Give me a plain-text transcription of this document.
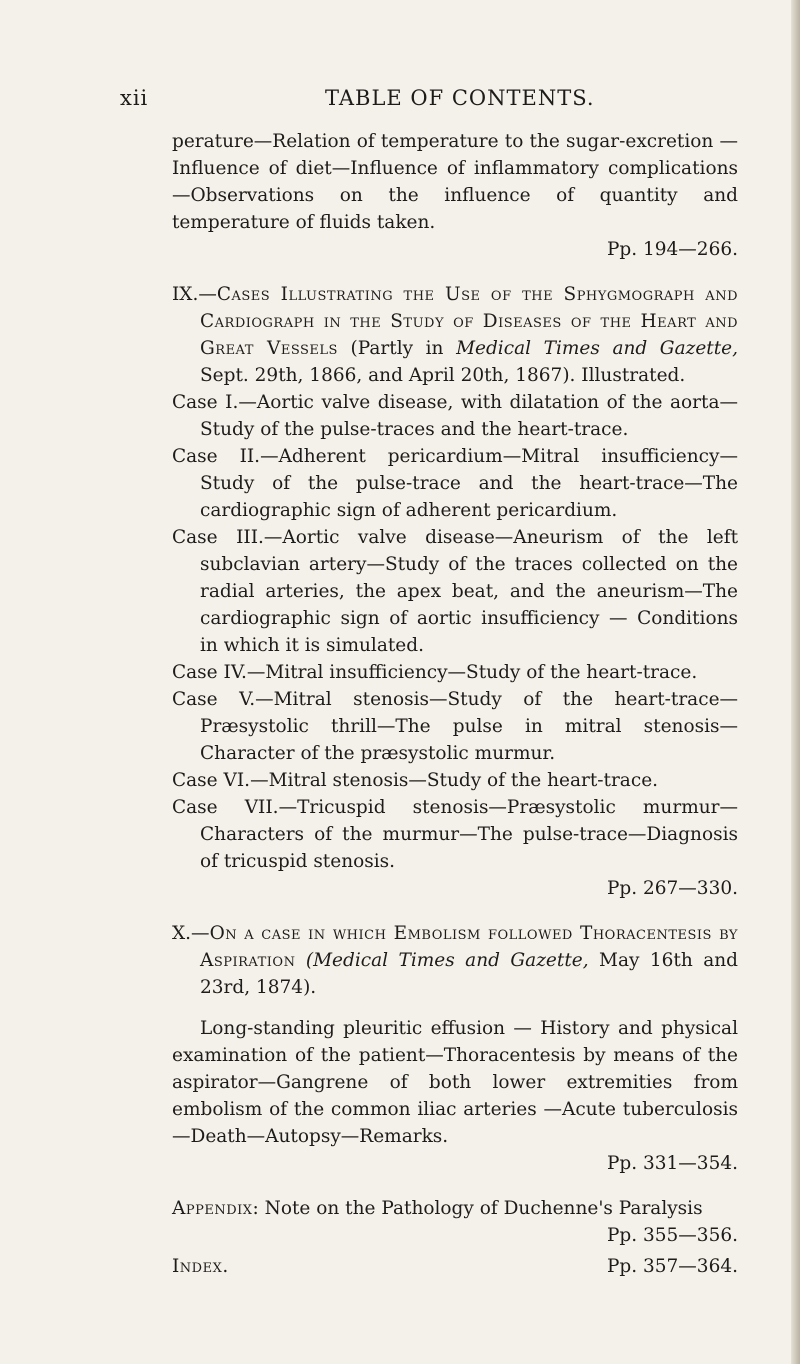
xii	TABLE OF CONTENTS.
perature—Relation of temperature to the sugar-excretion —Influence of diet—Influence of inflammatory complications—Observations on the influence of quantity and temperature of fluids taken.
Pp. 194—266.
IX.—Cases Illustrating the Use of the Sphygmograph and Cardiograph in the Study of Diseases of the Heart and Great Vessels (Partly in Medical Times and Gazette, Sept. 29th, 1866, and April 20th, 1867). Illustrated.
Case I.—Aortic valve disease, with dilatation of the aorta—Study of the pulse-traces and the heart-trace.
Case II.—Adherent pericardium—Mitral insufficiency—Study of the pulse-trace and the heart-trace—The cardiographic sign of adherent pericardium.
Case III.—Aortic valve disease—Aneurism of the left subclavian artery—Study of the traces collected on the radial arteries, the apex beat, and the aneurism—The cardiographic sign of aortic insufficiency — Conditions in which it is simulated.
Case IV.—Mitral insufficiency—Study of the heart-trace.
Case V.—Mitral stenosis—Study of the heart-trace—Præsystolic thrill—The pulse in mitral stenosis—Character of the præsystolic murmur.
Case VI.—Mitral stenosis—Study of the heart-trace.
Case VII.—Tricuspid stenosis—Præsystolic murmur—Characters of the murmur—The pulse-trace—Diagnosis of tricuspid stenosis.
Pp. 267—330.
X.—On a case in which Embolism followed Thoracentesis by Aspiration (Medical Times and Gazette, May 16th and 23rd, 1874).
Long-standing pleuritic effusion — History and physical examination of the patient—Thoracentesis by means of the aspirator—Gangrene of both lower extremities from embolism of the common iliac arteries —Acute tuberculosis—Death—Autopsy—Remarks.
Pp. 331—354.
Appendix: Note on the Pathology of Duchenne's Paralysis
Pp. 355—356.
Index.	Pp. 357—364.
